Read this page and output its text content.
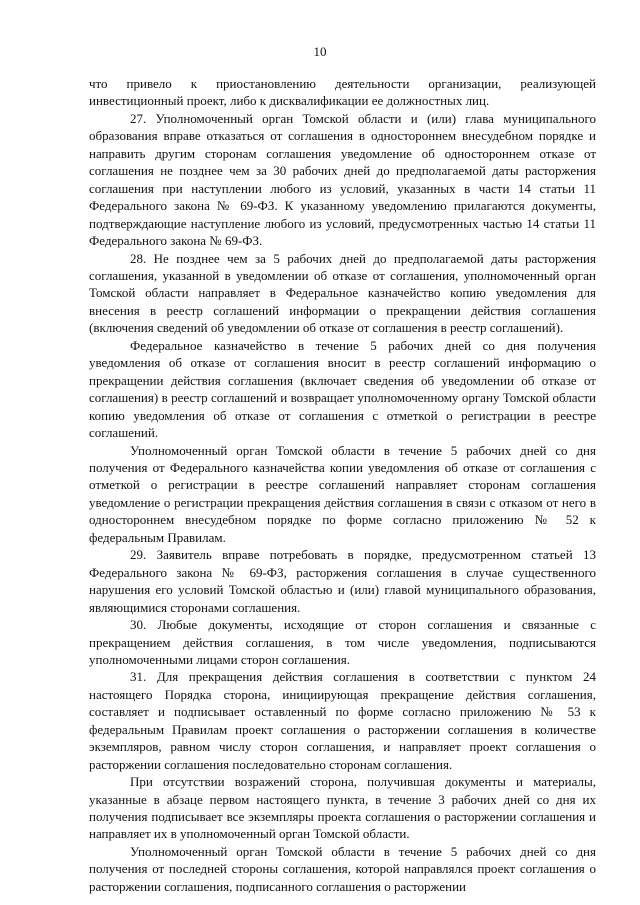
10

что привело к приостановлению деятельности организации, реализующей инвестиционный проект, либо к дисквалификации ее должностных лиц.

27. Уполномоченный орган Томской области и (или) глава муниципального образования вправе отказаться от соглашения в одностороннем внесудебном порядке и направить другим сторонам соглашения уведомление об одностороннем отказе от соглашения не позднее чем за 30 рабочих дней до предполагаемой даты расторжения соглашения при наступлении любого из условий, указанных в части 14 статьи 11 Федерального закона № 69-ФЗ. К указанному уведомлению прилагаются документы, подтверждающие наступление любого из условий, предусмотренных частью 14 статьи 11 Федерального закона № 69-ФЗ.

28. Не позднее чем за 5 рабочих дней до предполагаемой даты расторжения соглашения, указанной в уведомлении об отказе от соглашения, уполномоченный орган Томской области направляет в Федеральное казначейство копию уведомления для внесения в реестр соглашений информации о прекращении действия соглашения (включения сведений об уведомлении об отказе от соглашения в реестр соглашений).

Федеральное казначейство в течение 5 рабочих дней со дня получения уведомления об отказе от соглашения вносит в реестр соглашений информацию о прекращении действия соглашения (включает сведения об уведомлении об отказе от соглашения) в реестр соглашений и возвращает уполномоченному органу Томской области копию уведомления об отказе от соглашения с отметкой о регистрации в реестре соглашений.

Уполномоченный орган Томской области в течение 5 рабочих дней со дня получения от Федерального казначейства копии уведомления об отказе от соглашения с отметкой о регистрации в реестре соглашений направляет сторонам соглашения уведомление о регистрации прекращения действия соглашения в связи с отказом от него в одностороннем внесудебном порядке по форме согласно приложению № 52 к федеральным Правилам.

29. Заявитель вправе потребовать в порядке, предусмотренном статьей 13 Федерального закона № 69-ФЗ, расторжения соглашения в случае существенного нарушения его условий Томской областью и (или) главой муниципального образования, являющимися сторонами соглашения.

30. Любые документы, исходящие от сторон соглашения и связанные с прекращением действия соглашения, в том числе уведомления, подписываются уполномоченными лицами сторон соглашения.

31. Для прекращения действия соглашения в соответствии с пунктом 24 настоящего Порядка сторона, инициирующая прекращение действия соглашения, составляет и подписывает оставленный по форме согласно приложению № 53 к федеральным Правилам проект соглашения о расторжении соглашения в количестве экземпляров, равном числу сторон соглашения, и направляет проект соглашения о расторжении соглашения последовательно сторонам соглашения.

При отсутствии возражений сторона, получившая документы и материалы, указанные в абзаце первом настоящего пункта, в течение 3 рабочих дней со дня их получения подписывает все экземпляры проекта соглашения о расторжении соглашения и направляет их в уполномоченный орган Томской области.

Уполномоченный орган Томской области в течение 5 рабочих дней со дня получения от последней стороны соглашения, которой направлялся проект соглашения о расторжении соглашения, подписанного соглашения о расторжении
